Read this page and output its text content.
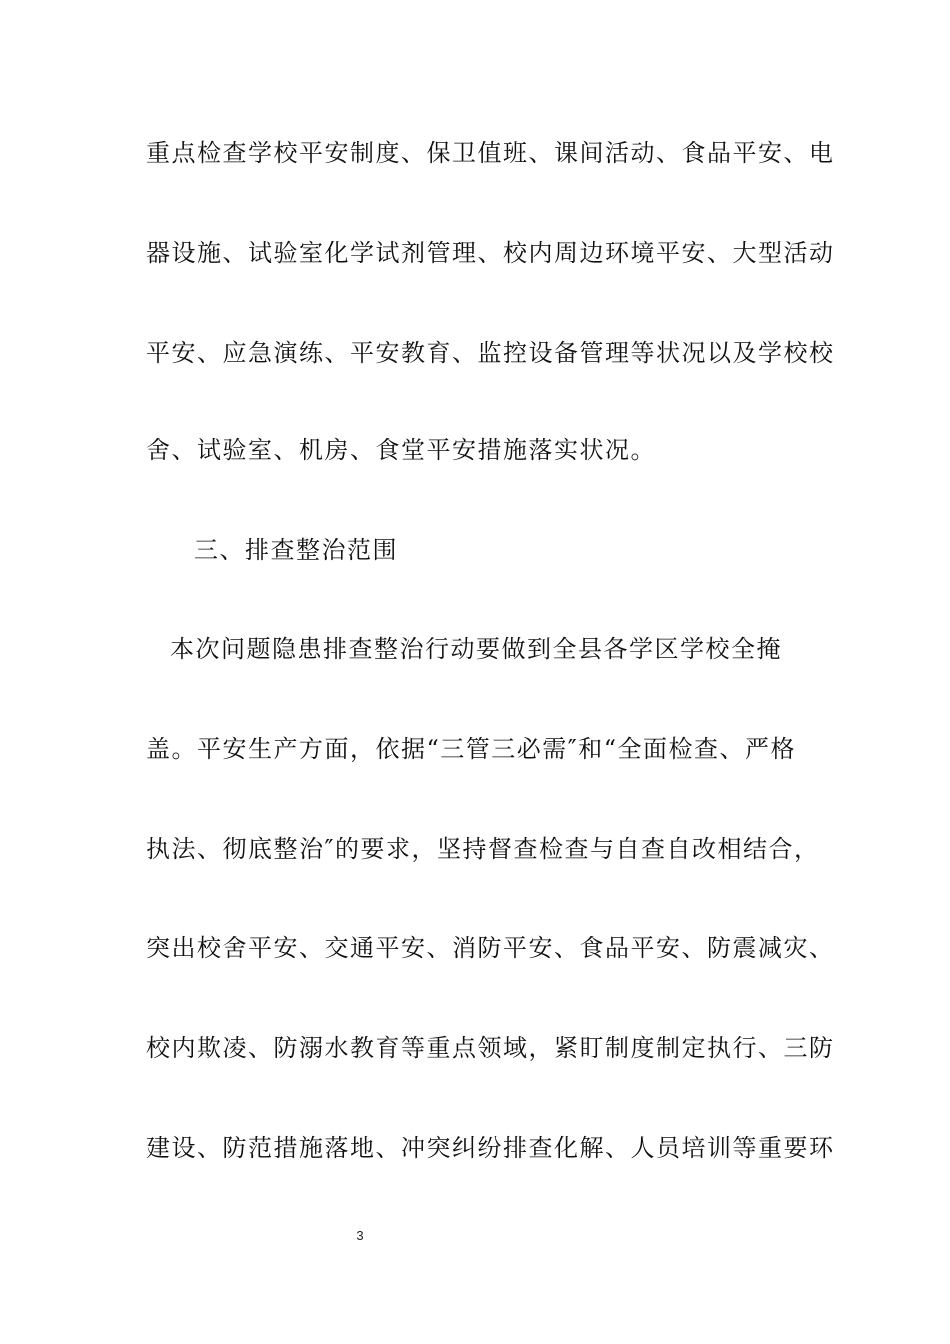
重点检查学校平安制度、保卫值班、课间活动、食品平安、电
器设施、试验室化学试剂管理、校内周边环境平安、大型活动
平安、应急演练、平安教育、监控设备管理等状况以及学校校
舍、试验室、机房、食堂平安措施落实状况。
三、排查整治范围
本次问题隐患排查整治行动要做到全县各学区学校全掩
盖。平安生产方面，依据“三管三必需″和“全面检查、严格
执法、彻底整治″的要求，坚持督查检查与自查自改相结合，
突出校舍平安、交通平安、消防平安、食品平安、防震减灾、
校内欺凌、防溺水教育等重点领域，紧盯制度制定执行、三防
建设、防范措施落地、冲突纠纷排查化解、人员培训等重要环
3
